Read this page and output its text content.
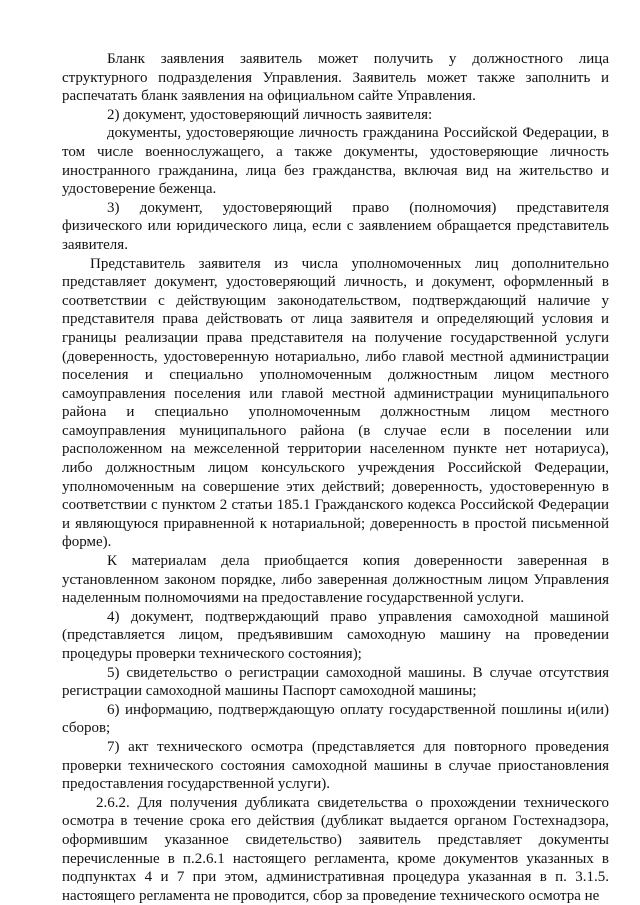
Бланк заявления заявитель может получить у должностного лица структурного подразделения Управления. Заявитель может также заполнить и распечатать бланк заявления на официальном сайте Управления.

2) документ, удостоверяющий личность заявителя:

документы, удостоверяющие личность гражданина Российской Федерации, в том числе военнослужащего, а также документы, удостоверяющие личность иностранного гражданина, лица без гражданства, включая вид на жительство и удостоверение беженца.

3) документ, удостоверяющий право (полномочия) представителя физического или юридического лица, если с заявлением обращается представитель заявителя.

Представитель заявителя из числа уполномоченных лиц дополнительно представляет документ, удостоверяющий личность, и документ, оформленный в соответствии с действующим законодательством, подтверждающий наличие у представителя права действовать от лица заявителя и определяющий условия и границы реализации права представителя на получение государственной услуги (доверенность, удостоверенную нотариально, либо главой местной администрации поселения и специально уполномоченным должностным лицом местного самоуправления поселения или главой местной администрации муниципального района и специально уполномоченным должностным лицом местного самоуправления муниципального района (в случае если в поселении или расположенном на межселенной территории населенном пункте нет нотариуса), либо должностным лицом консульского учреждения Российской Федерации, уполномоченным на совершение этих действий; доверенность, удостоверенную в соответствии с пунктом 2 статьи 185.1 Гражданского кодекса Российской Федерации и являющуюся приравненной к нотариальной; доверенность в простой письменной форме).

К материалам дела приобщается копия доверенности заверенная в установленном законом порядке, либо заверенная должностным лицом Управления наделенным полномочиями на предоставление государственной услуги.

4) документ, подтверждающий право управления самоходной машиной (представляется лицом, предъявившим самоходную машину на проведении процедуры проверки технического состояния);

5) свидетельство о регистрации самоходной машины. В случае отсутствия регистрации самоходной машины Паспорт самоходной машины;

6) информацию, подтверждающую оплату государственной пошлины и(или) сборов;

7) акт технического осмотра (представляется для повторного проведения проверки технического состояния самоходной машины в случае приостановления предоставления государственной услуги).

2.6.2. Для получения дубликата свидетельства о прохождении технического осмотра в течение срока его действия (дубликат выдается органом Гостехнадзора, оформившим указанное свидетельство) заявитель представляет документы перечисленные в п.2.6.1 настоящего регламента, кроме документов указанных в подпунктах 4 и 7 при этом, административная процедура указанная в п. 3.1.5. настоящего регламента не проводится, сбор за проведение технического осмотра не
